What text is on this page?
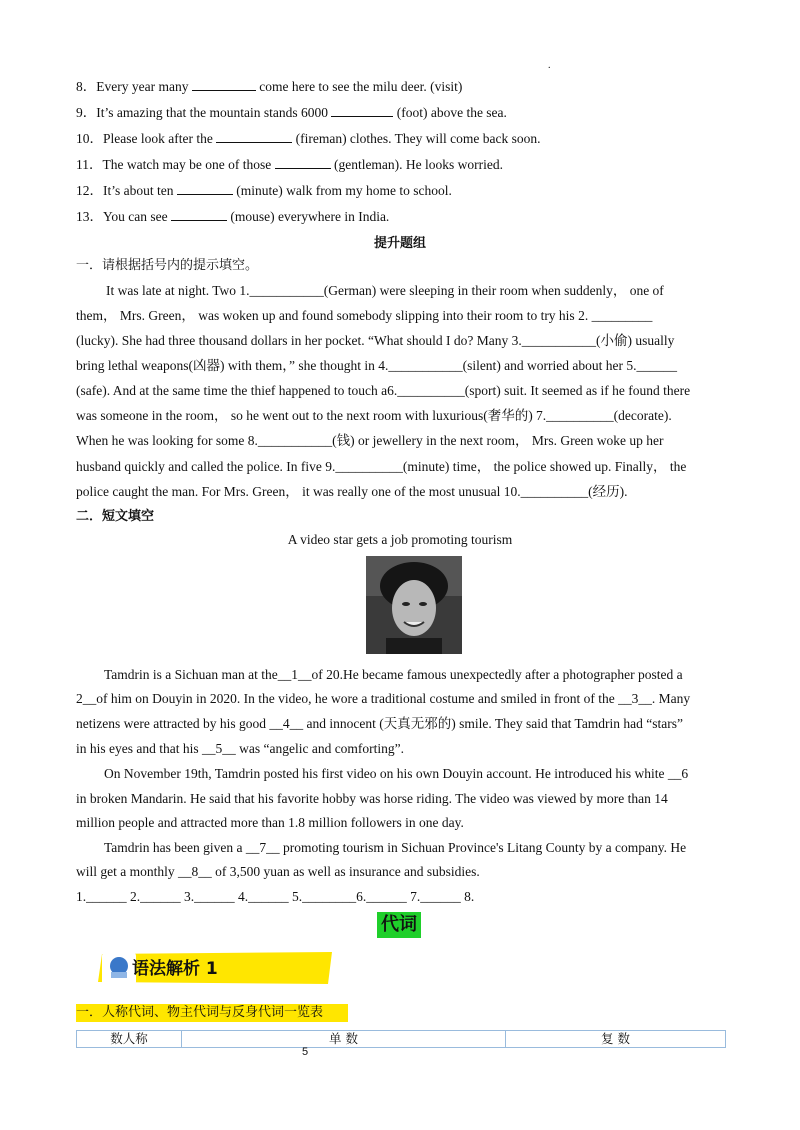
.
8．Every year many	come here to see the milu deer. (visit)
9．It’s amazing that the mountain stands 6000	(foot) above the sea.
10．Please look after the	(fireman) clothes. They will come back soon.
11．The watch may be one of those	(gentleman). He looks worried.
12．It’s about ten	(minute) walk from my home to school.
13．You can see	(mouse) everywhere in India.
提升题组
一．请根据括号内的提示填空。
It was late at night. Two 1.___________(German) were sleeping in their room when suddenly， one of
them， Mrs. Green， was woken up and found somebody slipping into their room to try his 2. _________
(lucky). She had three thousand dollars in her pocket. “What should I do? Many 3.___________(小偷) usually
bring lethal weapons(凶器) with them，” she thought in 4.___________(silent) and worried about her 5.______
(safe). And at the same time the thief happened to touch a6.__________(sport) suit. It seemed as if he found there
was someone in the room， so he went out to the next room with luxurious(奢华的) 7.__________(decorate).
When he was looking for some 8.___________(钱) or jewellery in the next room， Mrs. Green woke up her
husband quickly and called the police. In five 9.__________(minute) time， the police showed up. Finally， the
police caught the man. For Mrs. Green， it was really one of the most unusual 10.__________(经历).
二．短文填空
A video star gets a job promoting tourism
Tamdrin is a Sichuan man at the__1__of 20.He became famous unexpectedly after a photographer posted a
2__of him on Douyin in 2020. In the video, he wore a traditional costume and smiled in front of the __3__. Many
netizens were attracted by his good __4__ and innocent (天真无邪的) smile. They said that Tamdrin had “stars”
in his eyes and that his __5__ was “angelic and comforting”.
On November 19th, Tamdrin posted his first video on his own Douyin account. He introduced his white __6
in broken Mandarin. He said that his favorite hobby was horse riding. The video was viewed by more than 14
million people and attracted more than 1.8 million followers in one day.
Tamdrin has been given a __7__ promoting tourism in Sichuan Province's Litang County by a company. He
will get a monthly __8__ of 3,500 yuan as well as insurance and subsidies.
1.______ 2.______ 3.______ 4.______ 5.________6.______ 7.______ 8.
代词
语法解析 1
一．人称代词、物主代词与反身代词一览表
数人称	单 数	复 数
5
